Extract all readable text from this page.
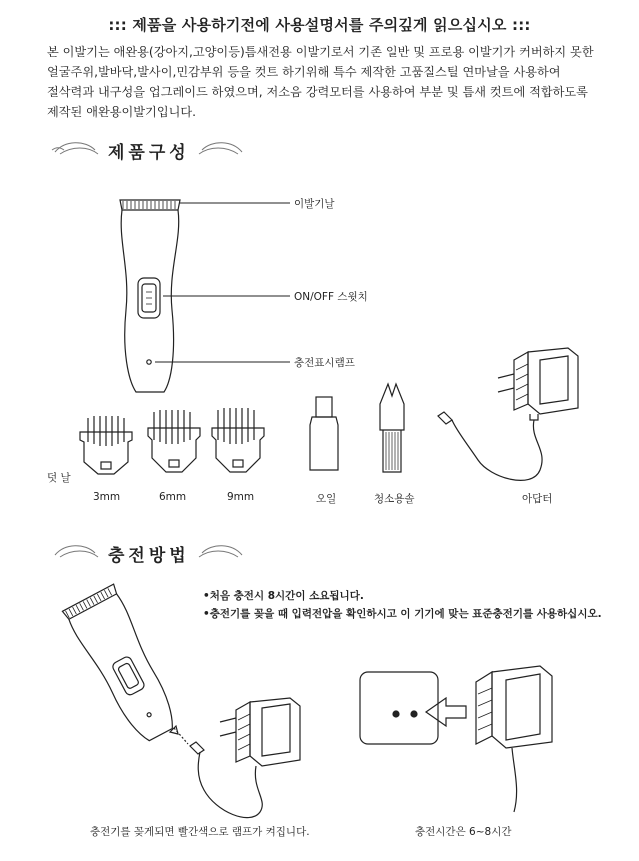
::: 제품을 사용하기전에 사용설명서를 주의깊게 읽으십시오 :::

본 이발기는 애완용(강아지,고양이등)틈새전용 이발기로서 기존 일반 및 프로용 이발기가 커버하지 못한

얼굴주위,발바닥,발사이,민감부위 등을 컷트 하기위해 특수 제작한 고품질스틸 연마날을 사용하여

절삭력과 내구성을 업그레이드 하였으며, 저소음 강력모터를 사용하여 부분 및 틈새 컷트에 적합하도록

제작된 애완용이발기입니다.

제품구성
이발기날
ON/OFF 스윗치
충전표시램프
덧 날
3mm	6mm	9mm	오일	청소용솔	아답터
충전방법
•처음 충전시 8시간이 소요됩니다.
•충전기를 꽂을 때 입력전압을 확인하시고 이 기기에 맞는 표준충전기를 사용하십시오.
충전기를 꽂게되면 빨간색으로 램프가 켜집니다.	충전시간은 6~8시간
